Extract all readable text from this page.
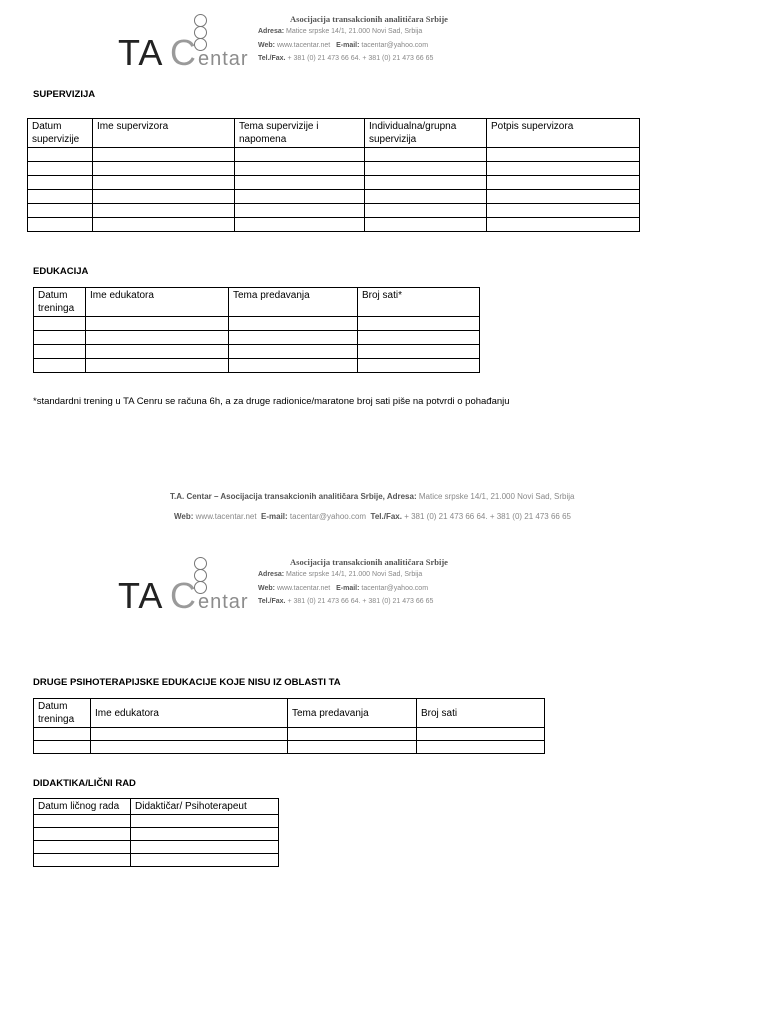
TA C entar
Asocijacija transakcionih analitičara Srbije
Adresa: Matice srpske 14/1, 21.000 Novi Sad, Srbija
Web: www.tacentar.net E-mail: tacentar@yahoo.com
Tel./Fax. + 381 (0) 21 473 66 64. + 381 (0) 21 473 66 65
SUPERVIZIJA
Datum supervizije	Ime supervizora	Tema supervizije i napomena	Individualna/grupna supervizija	Potpis supervizora

EDUKACIJA
Datum treninga	Ime edukatora	Tema predavanja	Broj sati*

*standardni trening u TA Cenru se računa 6h, a za druge radionice/maratone broj sati piše na potvrdi o pohađanju
T.A. Centar – Asocijacija transakcionih analitičara Srbije, Adresa: Matice srpske 14/1, 21.000 Novi Sad, Srbija
Web: www.tacentar.net E-mail: tacentar@yahoo.com Tel./Fax. + 381 (0) 21 473 66 64. + 381 (0) 21 473 66 65
TA C entar
Asocijacija transakcionih analitičara Srbije
Adresa: Matice srpske 14/1, 21.000 Novi Sad, Srbija
Web: www.tacentar.net E-mail: tacentar@yahoo.com
Tel./Fax. + 381 (0) 21 473 66 64. + 381 (0) 21 473 66 65
DRUGE PSIHOTERAPIJSKE EDUKACIJE KOJE NISU IZ OBLASTI TA
Datum treninga	Ime edukatora	Tema predavanja	Broj sati

DIDAKTIKA/LIČNI RAD
Datum ličnog rada	Didaktičar/ Psihoterapeut
